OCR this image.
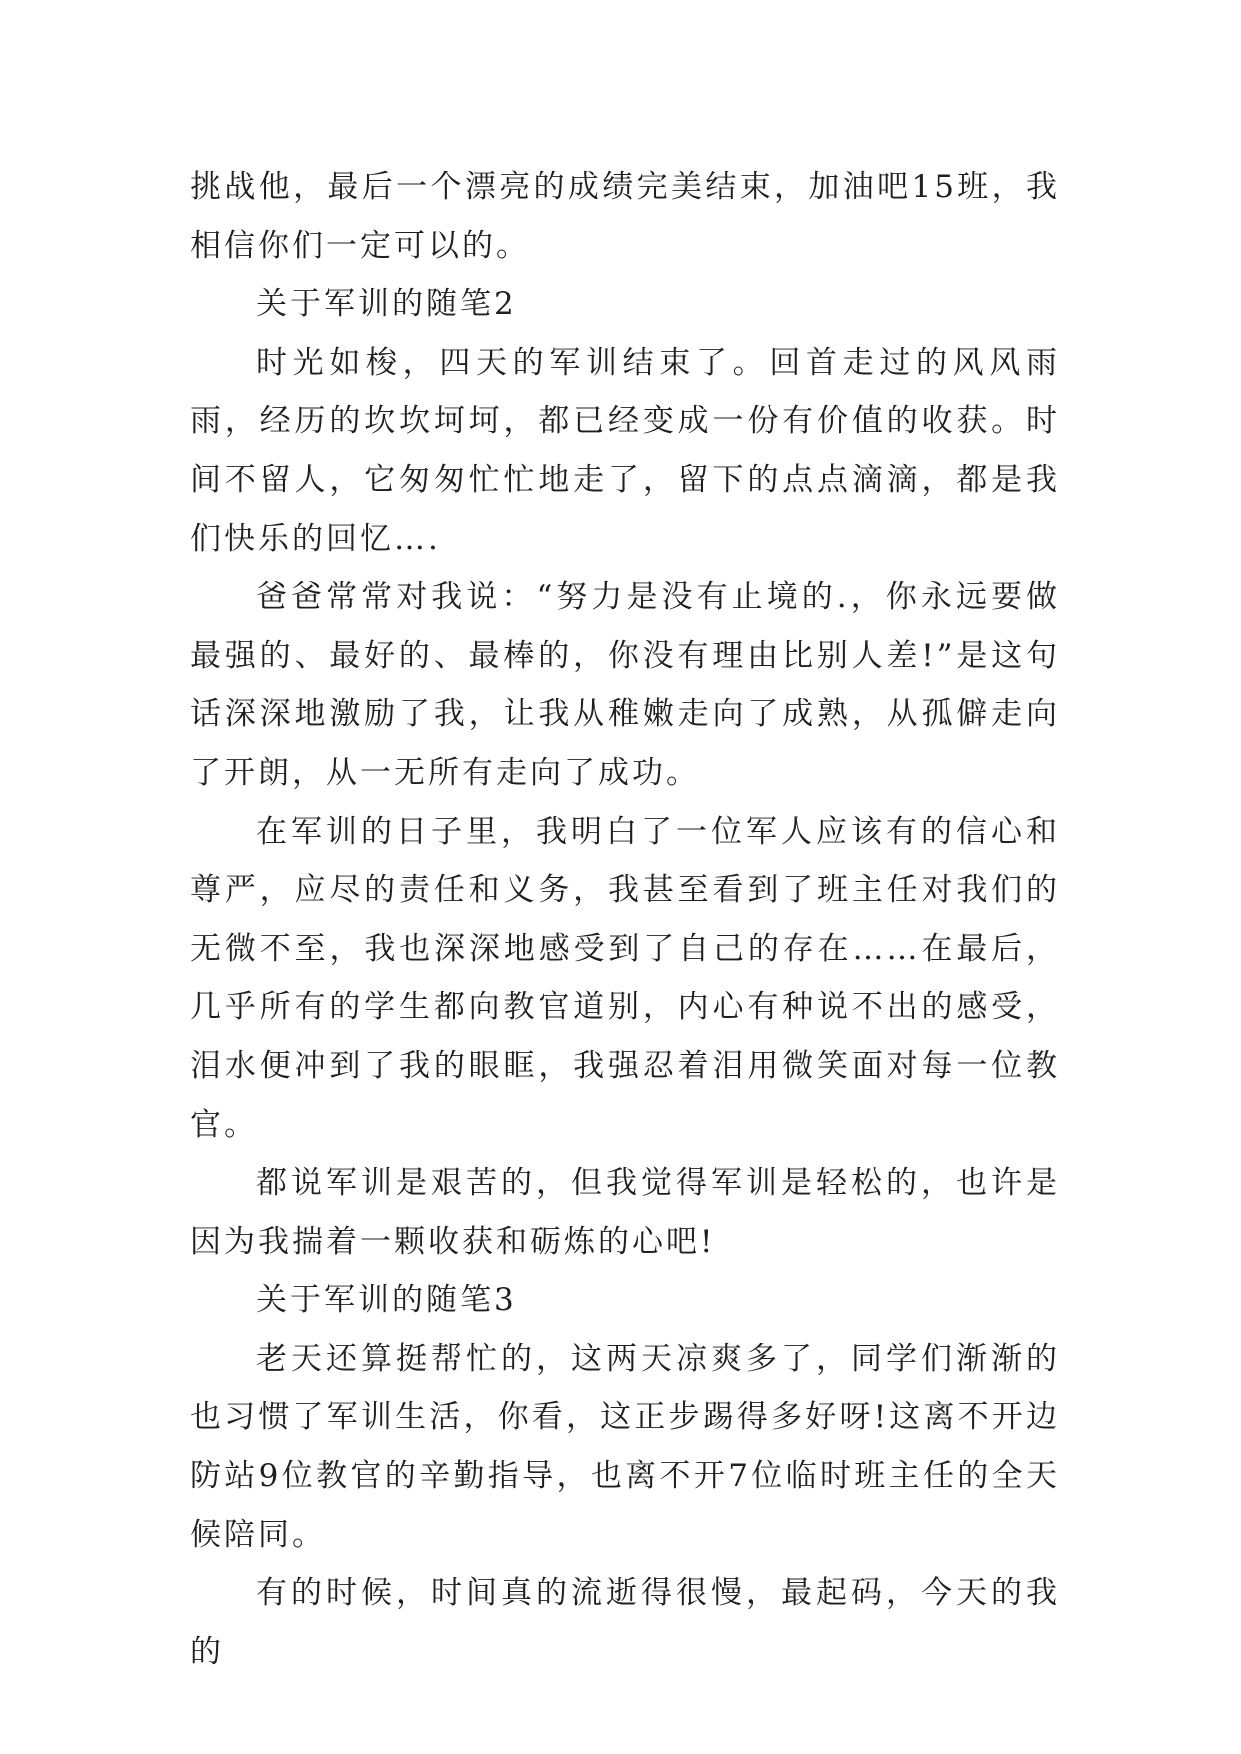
挑战他，最后一个漂亮的成绩完美结束，加油吧15班，我相信你们一定可以的。

关于军训的随笔2

时光如梭，四天的军训结束了。回首走过的风风雨雨，经历的坎坎坷坷，都已经变成一份有价值的收获。时间不留人，它匆匆忙忙地走了，留下的点点滴滴，都是我们快乐的回忆….

爸爸常常对我说：“努力是没有止境的.，你永远要做最强的、最好的、最棒的，你没有理由比别人差!”是这句话深深地激励了我，让我从稚嫩走向了成熟，从孤僻走向了开朗，从一无所有走向了成功。

在军训的日子里，我明白了一位军人应该有的信心和尊严，应尽的责任和义务，我甚至看到了班主任对我们的无微不至，我也深深地感受到了自己的存在……在最后，几乎所有的学生都向教官道别，内心有种说不出的感受，泪水便冲到了我的眼眶，我强忍着泪用微笑面对每一位教官。

都说军训是艰苦的，但我觉得军训是轻松的，也许是因为我揣着一颗收获和砺炼的心吧!

关于军训的随笔3

老天还算挺帮忙的，这两天凉爽多了，同学们渐渐的也习惯了军训生活，你看，这正步踢得多好呀!这离不开边防站9位教官的辛勤指导，也离不开7位临时班主任的全天候陪同。

有的时候，时间真的流逝得很慢，最起码，今天的我的
